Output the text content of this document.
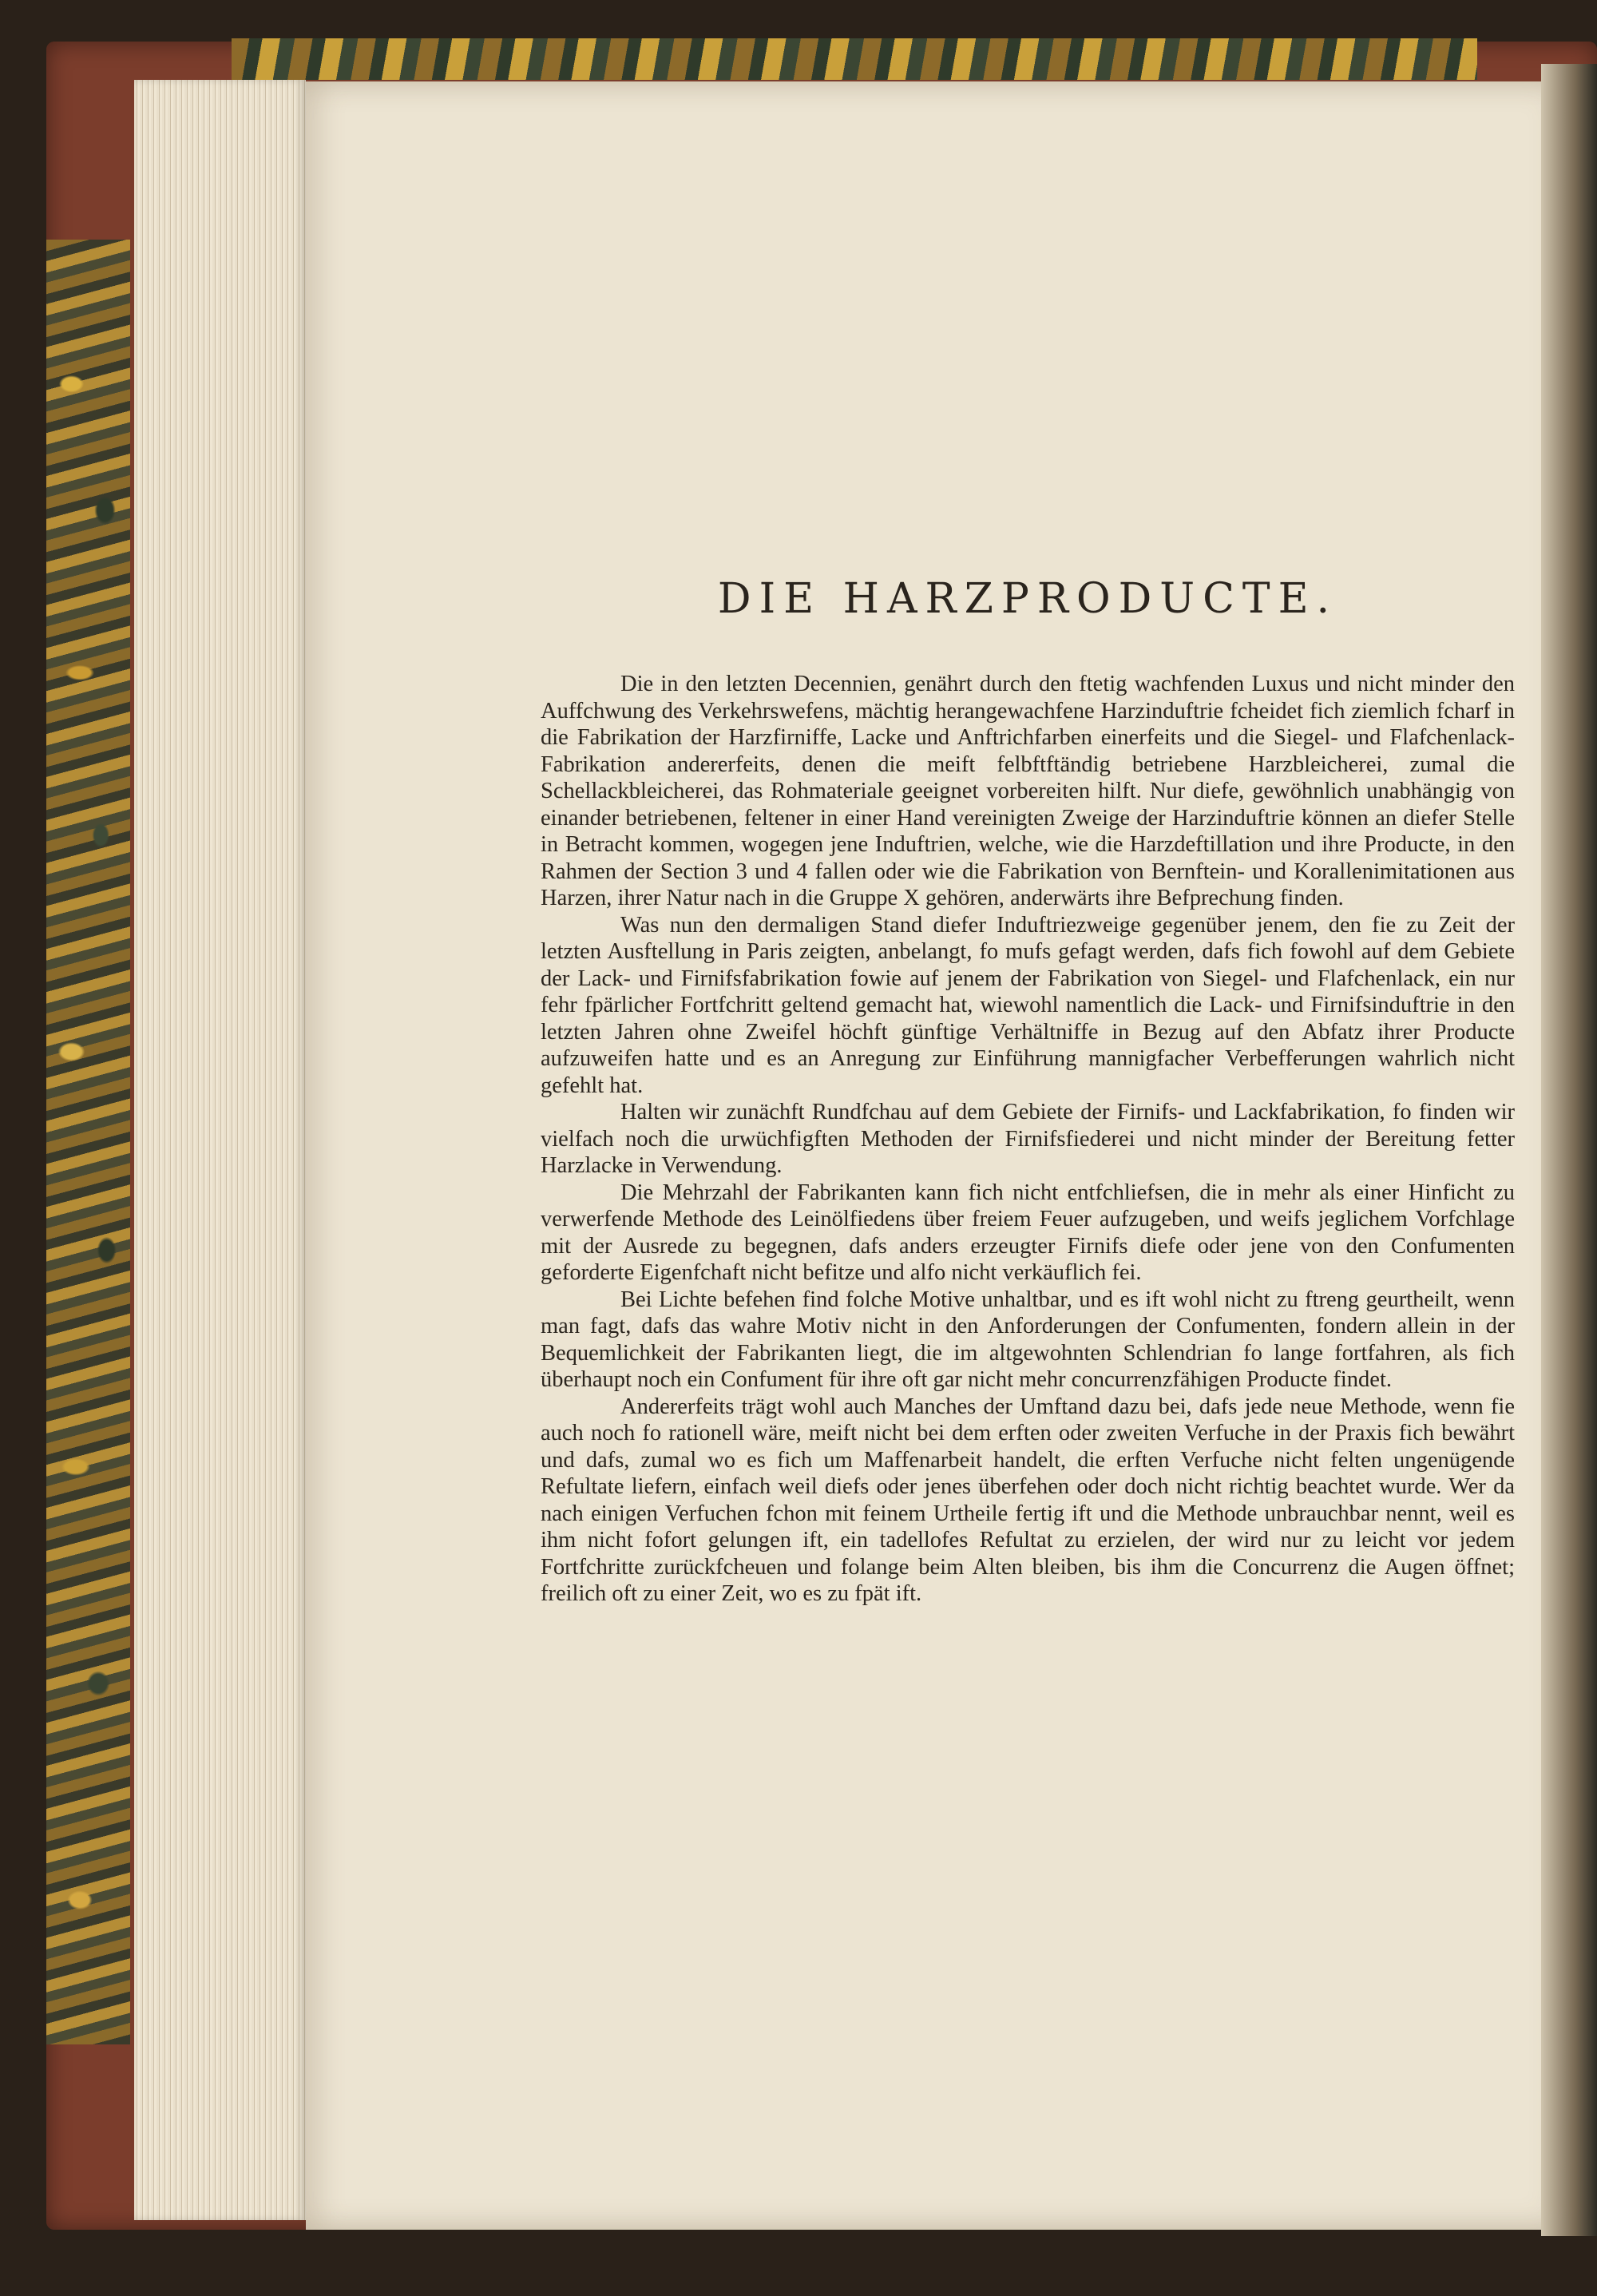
DIE HARZPRODUCTE.

Die in den letzten Decennien, genährt durch den ftetig wachfenden Luxus und nicht minder den Auffchwung des Verkehrswefens, mächtig herangewachfene Harzinduftrie fcheidet fich ziemlich fcharf in die Fabrikation der Harzfirniffe, Lacke und Anftrichfarben einerfeits und die Siegel- und Flafchenlack-Fabrikation andererfeits, denen die meift felbftftändig betriebene Harzbleicherei, zumal die Schellackbleicherei, das Rohmateriale geeignet vorbereiten hilft. Nur diefe, gewöhnlich unabhängig von einander betriebenen, feltener in einer Hand vereinigten Zweige der Harzinduftrie können an diefer Stelle in Betracht kommen, wogegen jene Induftrien, welche, wie die Harzdeftillation und ihre Producte, in den Rahmen der Section 3 und 4 fallen oder wie die Fabrikation von Bernftein- und Korallenimitationen aus Harzen, ihrer Natur nach in die Gruppe X gehören, anderwärts ihre Befprechung finden.

Was nun den dermaligen Stand diefer Induftriezweige gegenüber jenem, den fie zu Zeit der letzten Ausftellung in Paris zeigten, anbelangt, fo mufs gefagt werden, dafs fich fowohl auf dem Gebiete der Lack- und Firnifsfabrikation fowie auf jenem der Fabrikation von Siegel- und Flafchenlack, ein nur fehr fpärlicher Fortfchritt geltend gemacht hat, wiewohl namentlich die Lack- und Firnifsinduftrie in den letzten Jahren ohne Zweifel höchft günftige Verhältniffe in Bezug auf den Abfatz ihrer Producte aufzuweifen hatte und es an Anregung zur Einführung mannigfacher Verbefferungen wahrlich nicht gefehlt hat.

Halten wir zunächft Rundfchau auf dem Gebiete der Firnifs- und Lackfabrikation, fo finden wir vielfach noch die urwüchfigften Methoden der Firnifsfiederei und nicht minder der Bereitung fetter Harzlacke in Verwendung.

Die Mehrzahl der Fabrikanten kann fich nicht entfchliefsen, die in mehr als einer Hinficht zu verwerfende Methode des Leinölfiedens über freiem Feuer aufzugeben, und weifs jeglichem Vorfchlage mit der Ausrede zu begegnen, dafs anders erzeugter Firnifs diefe oder jene von den Confumenten geforderte Eigenfchaft nicht befitze und alfo nicht verkäuflich fei.

Bei Lichte befehen find folche Motive unhaltbar, und es ift wohl nicht zu ftreng geurtheilt, wenn man fagt, dafs das wahre Motiv nicht in den Anforderungen der Confumenten, fondern allein in der Bequemlichkeit der Fabrikanten liegt, die im altgewohnten Schlendrian fo lange fortfahren, als fich überhaupt noch ein Confument für ihre oft gar nicht mehr concurrenzfähigen Producte findet.

Andererfeits trägt wohl auch Manches der Umftand dazu bei, dafs jede neue Methode, wenn fie auch noch fo rationell wäre, meift nicht bei dem erften oder zweiten Verfuche in der Praxis fich bewährt und dafs, zumal wo es fich um Maffenarbeit handelt, die erften Verfuche nicht felten ungenügende Refultate liefern, einfach weil diefs oder jenes überfehen oder doch nicht richtig beachtet wurde. Wer da nach einigen Verfuchen fchon mit feinem Urtheile fertig ift und die Methode unbrauchbar nennt, weil es ihm nicht fofort gelungen ift, ein tadellofes Refultat zu erzielen, der wird nur zu leicht vor jedem Fortfchritte zurückfcheuen und folange beim Alten bleiben, bis ihm die Concurrenz die Augen öffnet; freilich oft zu einer Zeit, wo es zu fpät ift.
